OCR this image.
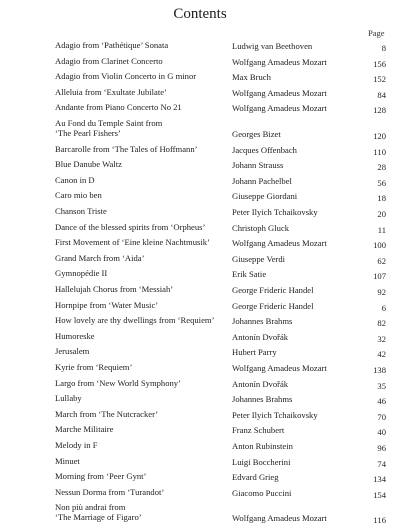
Contents
Page
Adagio from ‘Pathétique’ Sonata	Ludwig van Beethoven	8
Adagio from Clarinet Concerto	Wolfgang Amadeus Mozart	156
Adagio from Violin Concerto in G minor	Max Bruch	152
Alleluia from ‘Exultate Jubilate’	Wolfgang Amadeus Mozart	84
Andante from Piano Concerto No 21	Wolfgang Amadeus Mozart	128
Au Fond du Temple Saint from
‘The Pearl Fishers’	Georges Bizet	120
Barcarolle from ‘The Tales of Hoffmann’	Jacques Offenbach	110
Blue Danube Waltz	Johann Strauss	28
Canon in D	Johann Pachelbel	56
Caro mio ben	Giuseppe Giordani	18
Chanson Triste	Peter Ilyich Tchaikovsky	20
Dance of the blessed spirits from ‘Orpheus’	Christoph Gluck	11
First Movement of ‘Eine kleine Nachtmusik’	Wolfgang Amadeus Mozart	100
Grand March from ‘Aida’	Giuseppe Verdi	62
Gymnopédie II	Erik Satie	107
Hallelujah Chorus from ‘Messiah’	George Frideric Handel	92
Hornpipe from ‘Water Music’	George Frideric Handel	6
How lovely are thy dwellings from ‘Requiem’	Johannes Brahms	82
Humoreske	Antonín Dvořák	32
Jerusalem	Hubert Parry	42
Kyrie from ‘Requiem’	Wolfgang Amadeus Mozart	138
Largo from ‘New World Symphony’	Antonín Dvořák	35
Lullaby	Johannes Brahms	46
March from ‘The Nutcracker’	Peter Ilyich Tchaikovsky	70
Marche Militaire	Franz Schubert	40
Melody in F	Anton Rubinstein	96
Minuet	Luigi Boccherini	74
Morning from ‘Peer Gynt’	Edvard Grieg	134
Nessun Dorma from ‘Turandot’	Giacomo Puccini	154
Non più andrai from
‘The Marriage of Figaro’	Wolfgang Amadeus Mozart	116
